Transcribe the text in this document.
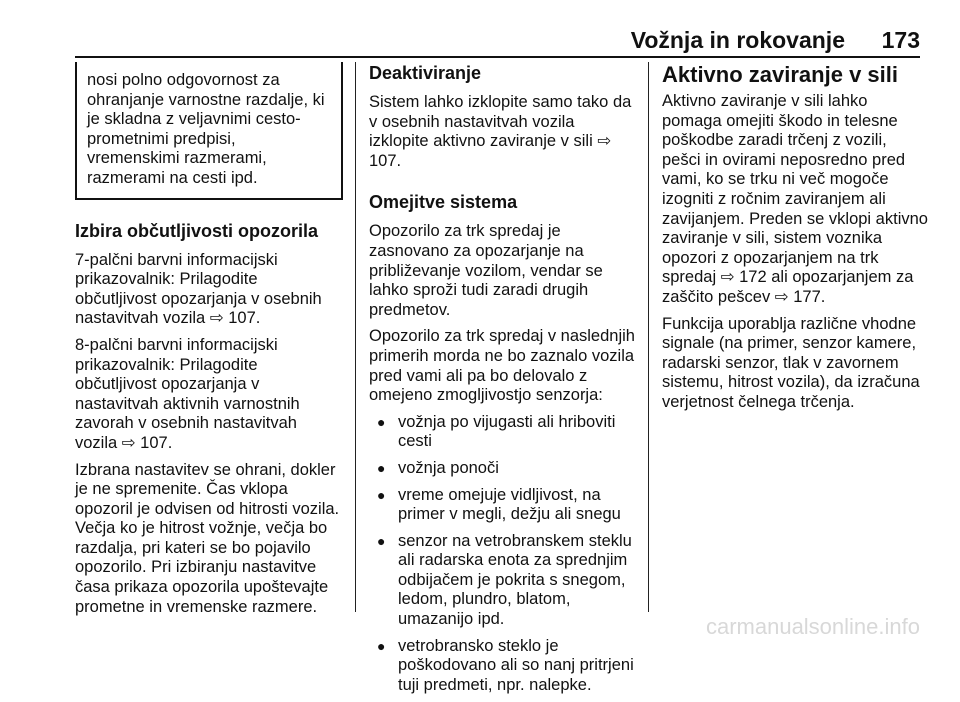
Vožnja in rokovanje 173
nosi polno odgovornost za ohranjanje varnostne razdalje, ki je skladna z veljavnimi cesto-prometnimi predpisi, vremenskimi razmerami, razmerami na cesti ipd.
Izbira občutljivosti opozorila

7-palčni barvni informacijski prikazovalnik: Prilagodite občutljivost opozarjanja v osebnih nastavitvah vozila ⇨ 107.

8-palčni barvni informacijski prikazovalnik: Prilagodite občutljivost opozarjanja v nastavitvah aktivnih varnostnih zavorah v osebnih nastavitvah vozila ⇨ 107.

Izbrana nastavitev se ohrani, dokler je ne spremenite. Čas vklopa opozoril je odvisen od hitrosti vozila. Večja ko je hitrost vožnje, večja bo razdalja, pri kateri se bo pojavilo opozorilo. Pri izbiranju nastavitve časa prikaza opozorila upoštevajte prometne in vremenske razmere.

Deaktiviranje

Sistem lahko izklopite samo tako da v osebnih nastavitvah vozila izklopite aktivno zaviranje v sili ⇨ 107.

Omejitve sistema

Opozorilo za trk spredaj je zasnovano za opozarjanje na približevanje vozilom, vendar se lahko sproži tudi zaradi drugih predmetov.

Opozorilo za trk spredaj v naslednjih primerih morda ne bo zaznalo vozila pred vami ali pa bo delovalo z omejeno zmogljivostjo senzorja:

● vožnja po vijugasti ali hriboviti cesti
● vožnja ponoči
● vreme omejuje vidljivost, na primer v megli, dežju ali snegu
● senzor na vetrobranskem steklu ali radarska enota za sprednjim odbijačem je pokrita s snegom, ledom, plundro, blatom, umazanijo ipd.
● vetrobransko steklo je poškodovano ali so nanj pritrjeni tuji predmeti, npr. nalepke.
Aktivno zaviranje v sili

Aktivno zaviranje v sili lahko pomaga omejiti škodo in telesne poškodbe zaradi trčenj z vozili, pešci in ovirami neposredno pred vami, ko se trku ni več mogoče izogniti z ročnim zaviranjem ali zavijanjem. Preden se vklopi aktivno zaviranje v sili, sistem voznika opozori z opozarjanjem na trk spredaj ⇨ 172 ali opozarjanjem za zaščito pešcev ⇨ 177.

Funkcija uporablja različne vhodne signale (na primer, senzor kamere, radarski senzor, tlak v zavornem sistemu, hitrost vozila), da izračuna verjetnost čelnega trčenja.

carmanualsonline.info
